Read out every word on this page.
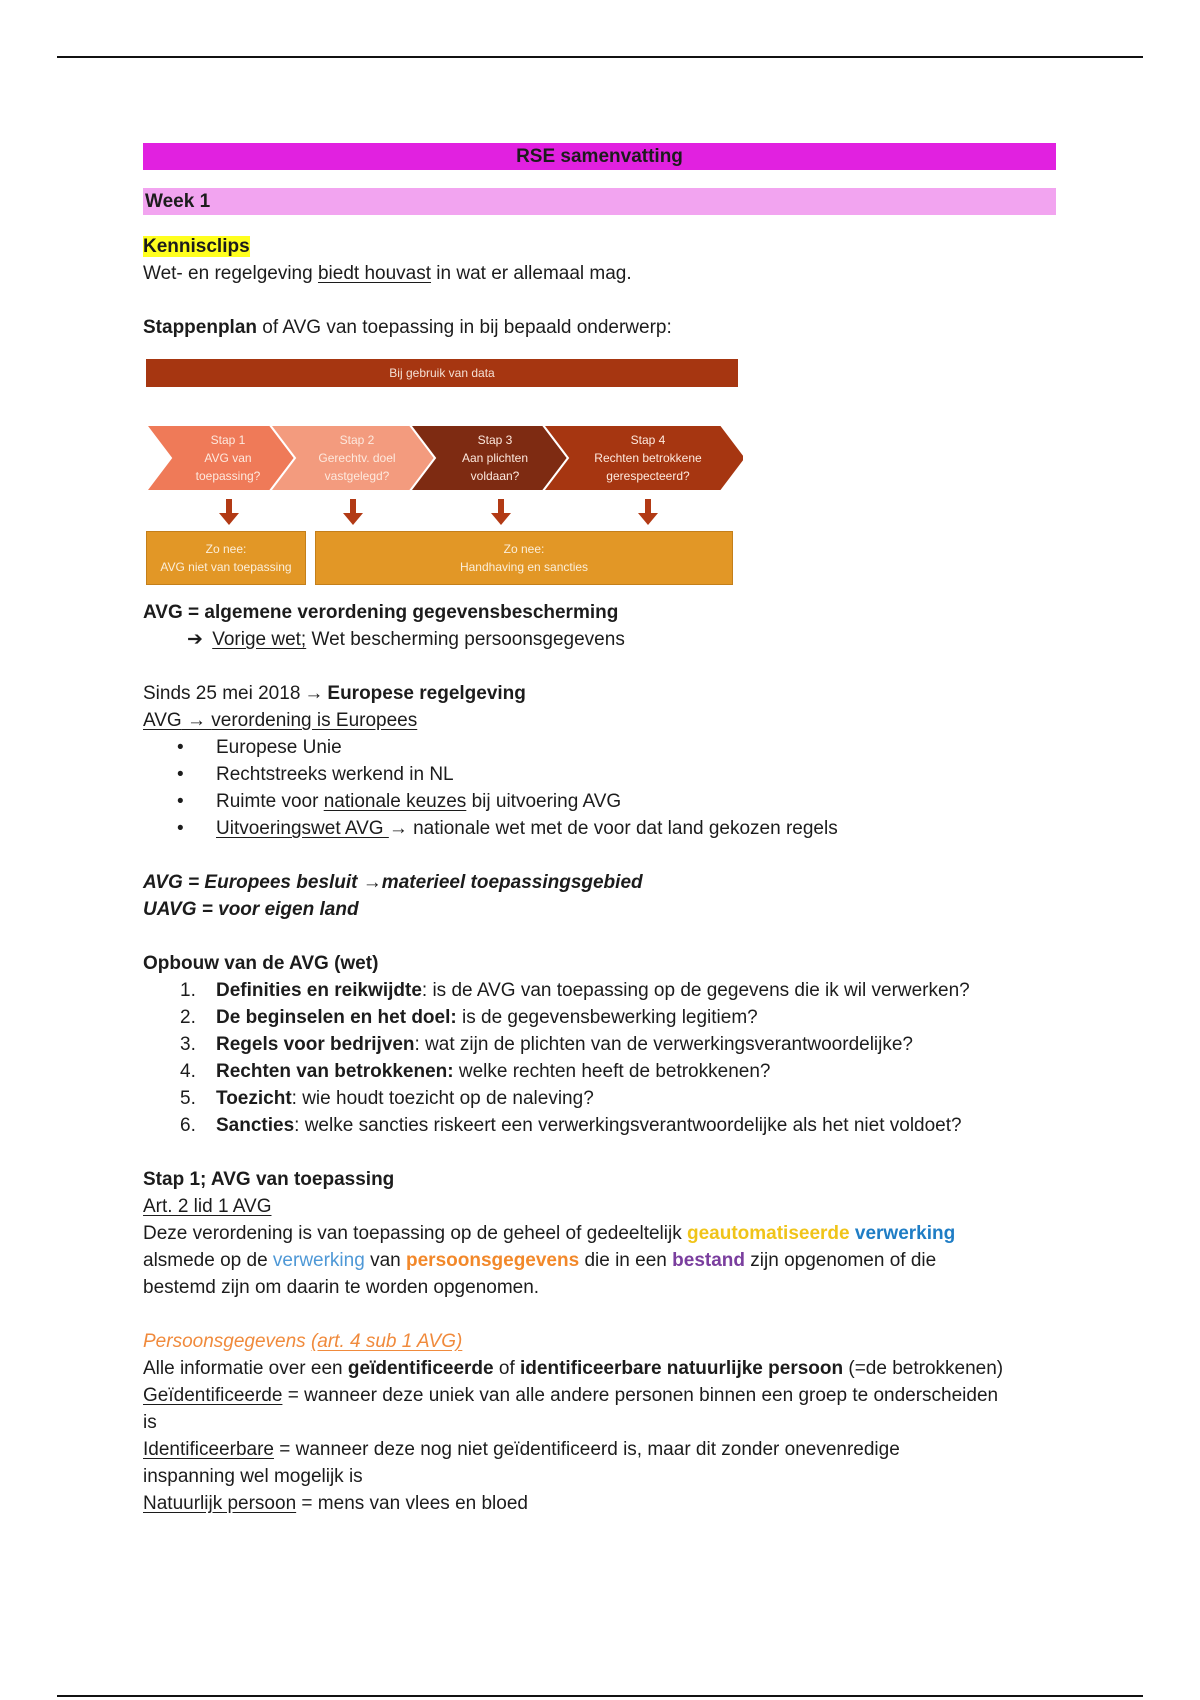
RSE samenvatting
Week 1

Kennisclips

Wet- en regelgeving biedt houvast in wat er allemaal mag.

Stappenplan of AVG van toepassing in bij bepaald onderwerp:

Bij gebruik van data
Stap 1
AVG van
toepassing?
Stap 2
Gerechtv. doel
vastgelegd?
Stap 3
Aan plichten
voldaan?
Stap 4
Rechten betrokkene
gerespecteerd?
Zo nee:
AVG niet van toepassing
Zo nee:
Handhaving en sancties

AVG = algemene verordening gegevensbescherming

➔ Vorige wet; Wet bescherming persoonsgegevens

Sinds 25 mei 2018 → Europese regelgeving

AVG → verordening is Europees

• Europese Unie
• Rechtstreeks werkend in NL
• Ruimte voor nationale keuzes bij uitvoering AVG
• Uitvoeringswet AVG → nationale wet met de voor dat land gekozen regels

AVG = Europees besluit →materieel toepassingsgebied

UAVG = voor eigen land

Opbouw van de AVG (wet)

1. Definities en reikwijdte: is de AVG van toepassing op de gegevens die ik wil verwerken?
2. De beginselen en het doel: is de gegevensbewerking legitiem?
3. Regels voor bedrijven: wat zijn de plichten van de verwerkingsverantwoordelijke?
4. Rechten van betrokkenen: welke rechten heeft de betrokkenen?
5. Toezicht: wie houdt toezicht op de naleving?
6. Sancties: welke sancties riskeert een verwerkingsverantwoordelijke als het niet voldoet?

Stap 1; AVG van toepassing

Art. 2 lid 1 AVG

Deze verordening is van toepassing op de geheel of gedeeltelijk geautomatiseerde verwerking

alsmede op de verwerking van persoonsgegevens die in een bestand zijn opgenomen of die

bestemd zijn om daarin te worden opgenomen.

Persoonsgegevens (art. 4 sub 1 AVG)

Alle informatie over een geïdentificeerde of identificeerbare natuurlijke persoon (=de betrokkenen)

Geïdentificeerde = wanneer deze uniek van alle andere personen binnen een groep te onderscheiden

is

Identificeerbare = wanneer deze nog niet geïdentificeerd is, maar dit zonder onevenredige

inspanning wel mogelijk is

Natuurlijk persoon = mens van vlees en bloed
